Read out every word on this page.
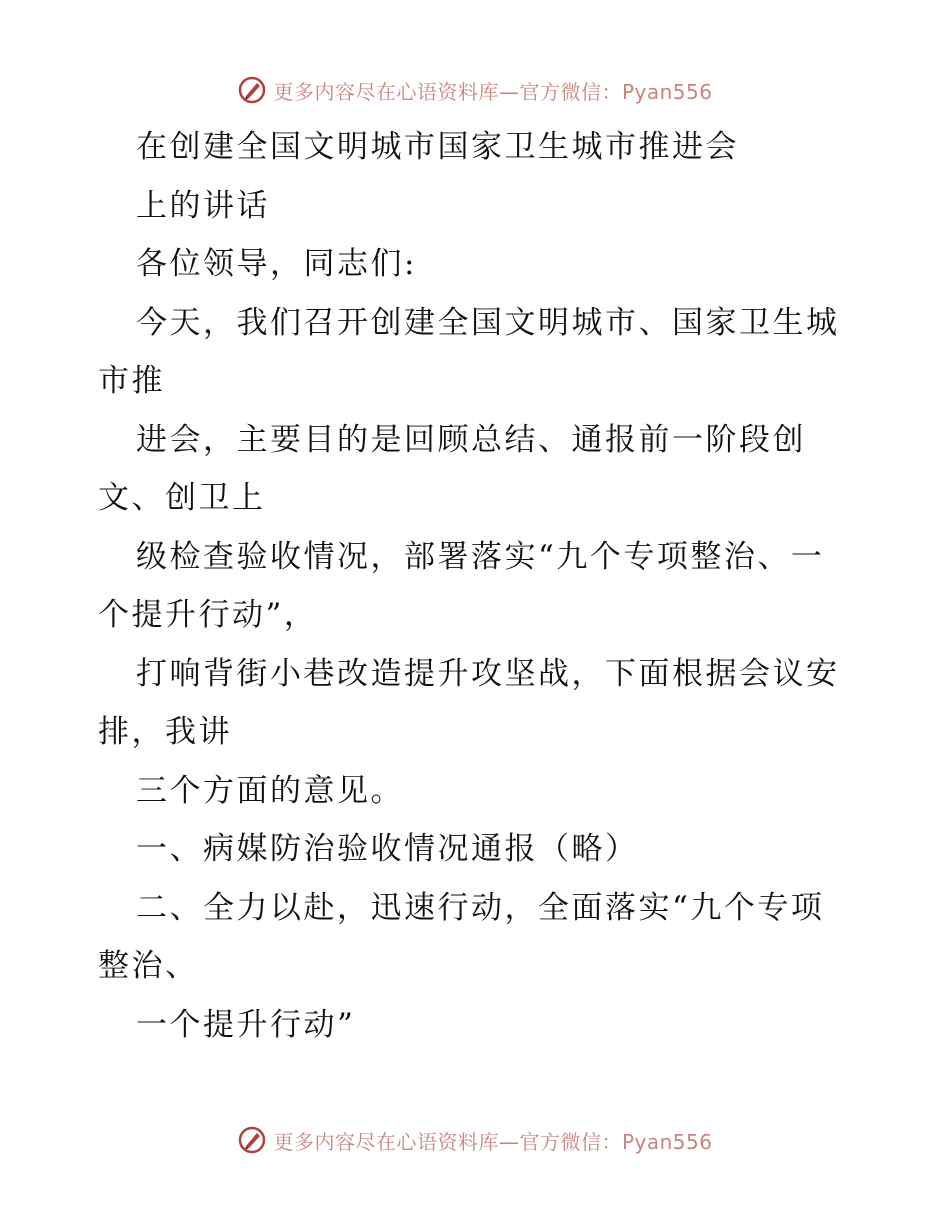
更多内容尽在心语资料库—官方微信：Pyan556
在创建全国文明城市国家卫生城市推进会
上的讲话
各位领导，同志们:
今天，我们召开创建全国文明城市、国家卫生城
市推
进会，主要目的是回顾总结、通报前一阶段创
文、创卫上
级检查验收情况，部署落实“九个专项整治、一
个提升行动”，
打响背街小巷改造提升攻坚战，下面根据会议安
排，我讲
三个方面的意见。
一、病媒防治验收情况通报（略）
二、全力以赴，迅速行动，全面落实“九个专项
整治、
一个提升行动”
更多内容尽在心语资料库—官方微信：Pyan556
